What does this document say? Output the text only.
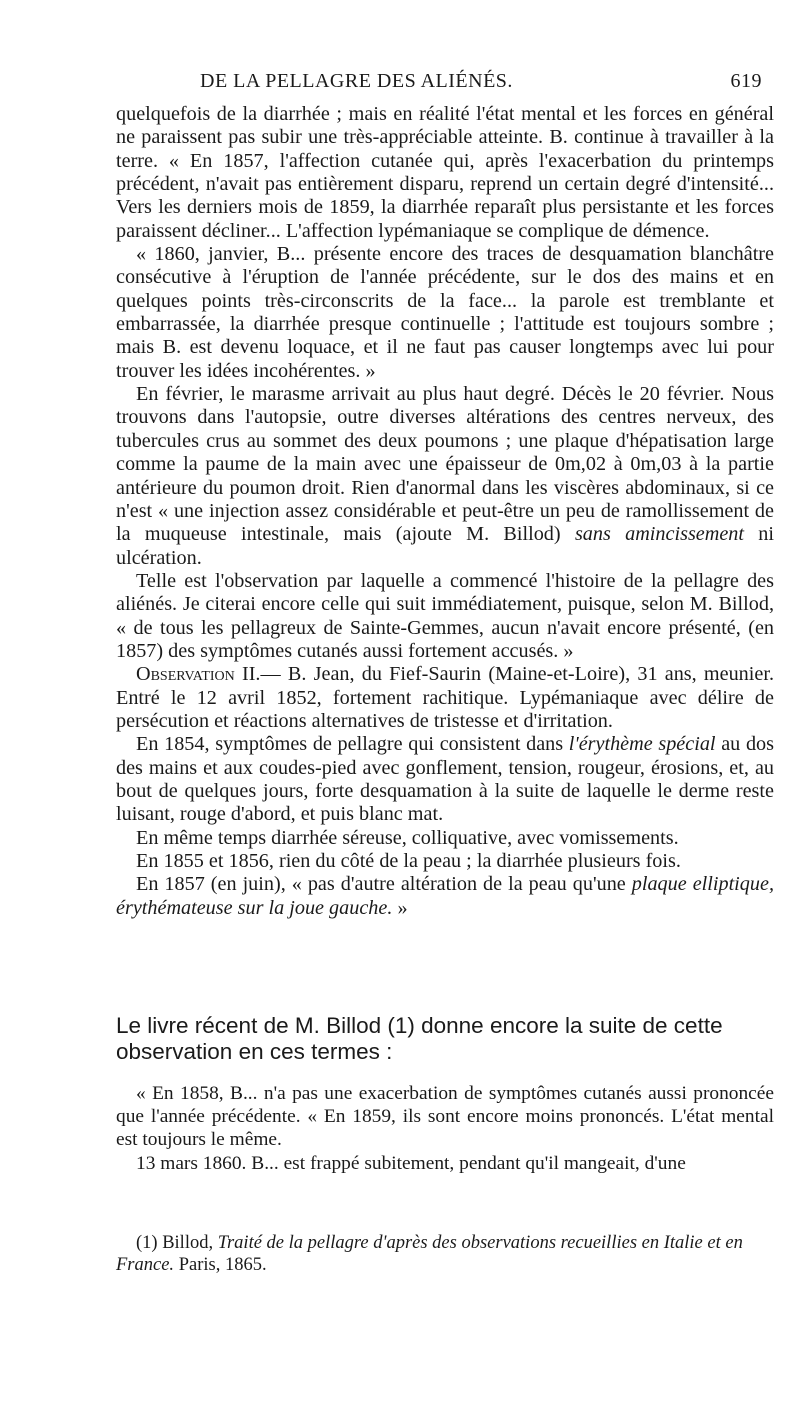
DE LA PELLAGRE DES ALIÉNÉS.	619

quelquefois de la diarrhée ; mais en réalité l'état mental et les forces en général ne paraissent pas subir une très-appréciable atteinte. B. continue à travailler à la terre. « En 1857, l'affection cutanée qui, après l'exacerbation du printemps précédent, n'avait pas entièrement disparu, reprend un certain degré d'intensité... Vers les derniers mois de 1859, la diarrhée reparaît plus persistante et les forces paraissent décliner... L'affection lypémaniaque se complique de démence.

« 1860, janvier, B... présente encore des traces de desquamation blanchâtre consécutive à l'éruption de l'année précédente, sur le dos des mains et en quelques points très-circonscrits de la face... la parole est tremblante et embarrassée, la diarrhée presque continuelle ; l'attitude est toujours sombre ; mais B. est devenu loquace, et il ne faut pas causer longtemps avec lui pour trouver les idées incohérentes. »

En février, le marasme arrivait au plus haut degré. Décès le 20 février. Nous trouvons dans l'autopsie, outre diverses altérations des centres nerveux, des tubercules crus au sommet des deux poumons ; une plaque d'hépatisation large comme la paume de la main avec une épaisseur de 0m,02 à 0m,03 à la partie antérieure du poumon droit. Rien d'anormal dans les viscères abdominaux, si ce n'est « une injection assez considérable et peut-être un peu de ramollissement de la muqueuse intestinale, mais (ajoute M. Billod) sans amincissement ni ulcération.

Telle est l'observation par laquelle a commencé l'histoire de la pellagre des aliénés. Je citerai encore celle qui suit immédiatement, puisque, selon M. Billod, « de tous les pellagreux de Sainte-Gemmes, aucun n'avait encore présenté, (en 1857) des symptômes cutanés aussi fortement accusés. »

Observation II.— B. Jean, du Fief-Saurin (Maine-et-Loire), 31 ans, meunier. Entré le 12 avril 1852, fortement rachitique. Lypémaniaque avec délire de persécution et réactions alternatives de tristesse et d'irritation.

En 1854, symptômes de pellagre qui consistent dans l'érythème spécial au dos des mains et aux coudes-pied avec gonflement, tension, rougeur, érosions, et, au bout de quelques jours, forte desquamation à la suite de laquelle le derme reste luisant, rouge d'abord, et puis blanc mat.

En même temps diarrhée séreuse, colliquative, avec vomissements.

En 1855 et 1856, rien du côté de la peau ; la diarrhée plusieurs fois.

En 1857 (en juin), « pas d'autre altération de la peau qu'une plaque elliptique, érythémateuse sur la joue gauche. »

Le livre récent de M. Billod (1) donne encore la suite de cette observation en ces termes :

« En 1858, B... n'a pas une exacerbation de symptômes cutanés aussi prononcée que l'année précédente. « En 1859, ils sont encore moins prononcés. L'état mental est toujours le même.

13 mars 1860. B... est frappé subitement, pendant qu'il mangeait, d'une

(1) Billod, Traité de la pellagre d'après des observations recueillies en Italie et en France. Paris, 1865.
